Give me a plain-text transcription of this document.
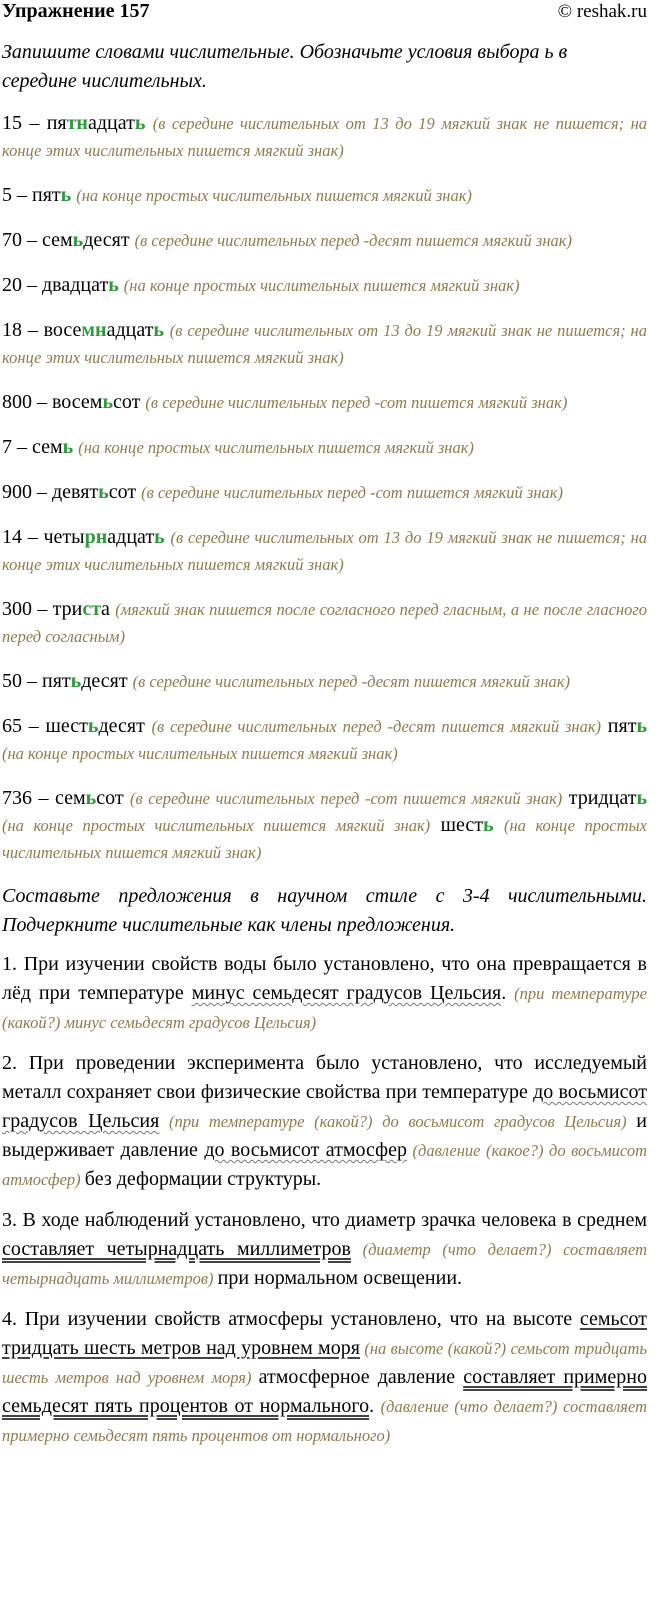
Упражнение 157	© reshak.ru
Запишите словами числительные. Обозначьте условия выбора ь в середине числительных.
15 – пятнадцать (в середине числительных от 13 до 19 мягкий знак не пишется; на конце этих числительных пишется мягкий знак)
5 – пять (на конце простых числительных пишется мягкий знак)
70 – семьдесят (в середине числительных перед -десят пишется мягкий знак)
20 – двадцать (на конце простых числительных пишется мягкий знак)
18 – восемнадцать (в середине числительных от 13 до 19 мягкий знак не пишется; на конце этих числительных пишется мягкий знак)
800 – восемьсот (в середине числительных перед -сот пишется мягкий знак)
7 – семь (на конце простых числительных пишется мягкий знак)
900 – девятьсот (в середине числительных перед -сот пишется мягкий знак)
14 – четырнадцать (в середине числительных от 13 до 19 мягкий знак не пишется; на конце этих числительных пишется мягкий знак)
300 – триста (мягкий знак пишется после согласного перед гласным, а не после гласного перед согласным)
50 – пятьдесят (в середине числительных перед -десят пишется мягкий знак)
65 – шестьдесят (в середине числительных перед -десят пишется мягкий знак) пять (на конце простых числительных пишется мягкий знак)
736 – семьсот (в середине числительных перед -сот пишется мягкий знак) тридцать (на конце простых числительных пишется мягкий знак) шесть (на конце простых числительных пишется мягкий знак)
Составьте предложения в научном стиле с 3-4 числительными. Подчеркните числительные как члены предложения.
1. При изучении свойств воды было установлено, что она превращается в лёд при температуре минус семьдесят градусов Цельсия. (при температуре (какой?) минус семьдесят градусов Цельсия)
2. При проведении эксперимента было установлено, что исследуемый металл сохраняет свои физические свойства при температуре до восьмисот градусов Цельсия (при температуре (какой?) до восьмисот градусов Цельсия) и выдерживает давление до восьмисот атмосфер (давление (какое?) до восьмисот атмосфер) без деформации структуры.
3. В ходе наблюдений установлено, что диаметр зрачка человека в среднем составляет четырнадцать миллиметров (диаметр (что делает?) составляет четырнадцать миллиметров) при нормальном освещении.
4. При изучении свойств атмосферы установлено, что на высоте семьсот тридцать шесть метров над уровнем моря (на высоте (какой?) семьсот тридцать шесть метров над уровнем моря) атмосферное давление составляет примерно семьдесят пять процентов от нормального. (давление (что делает?) составляет примерно семьдесят пять процентов от нормального)
